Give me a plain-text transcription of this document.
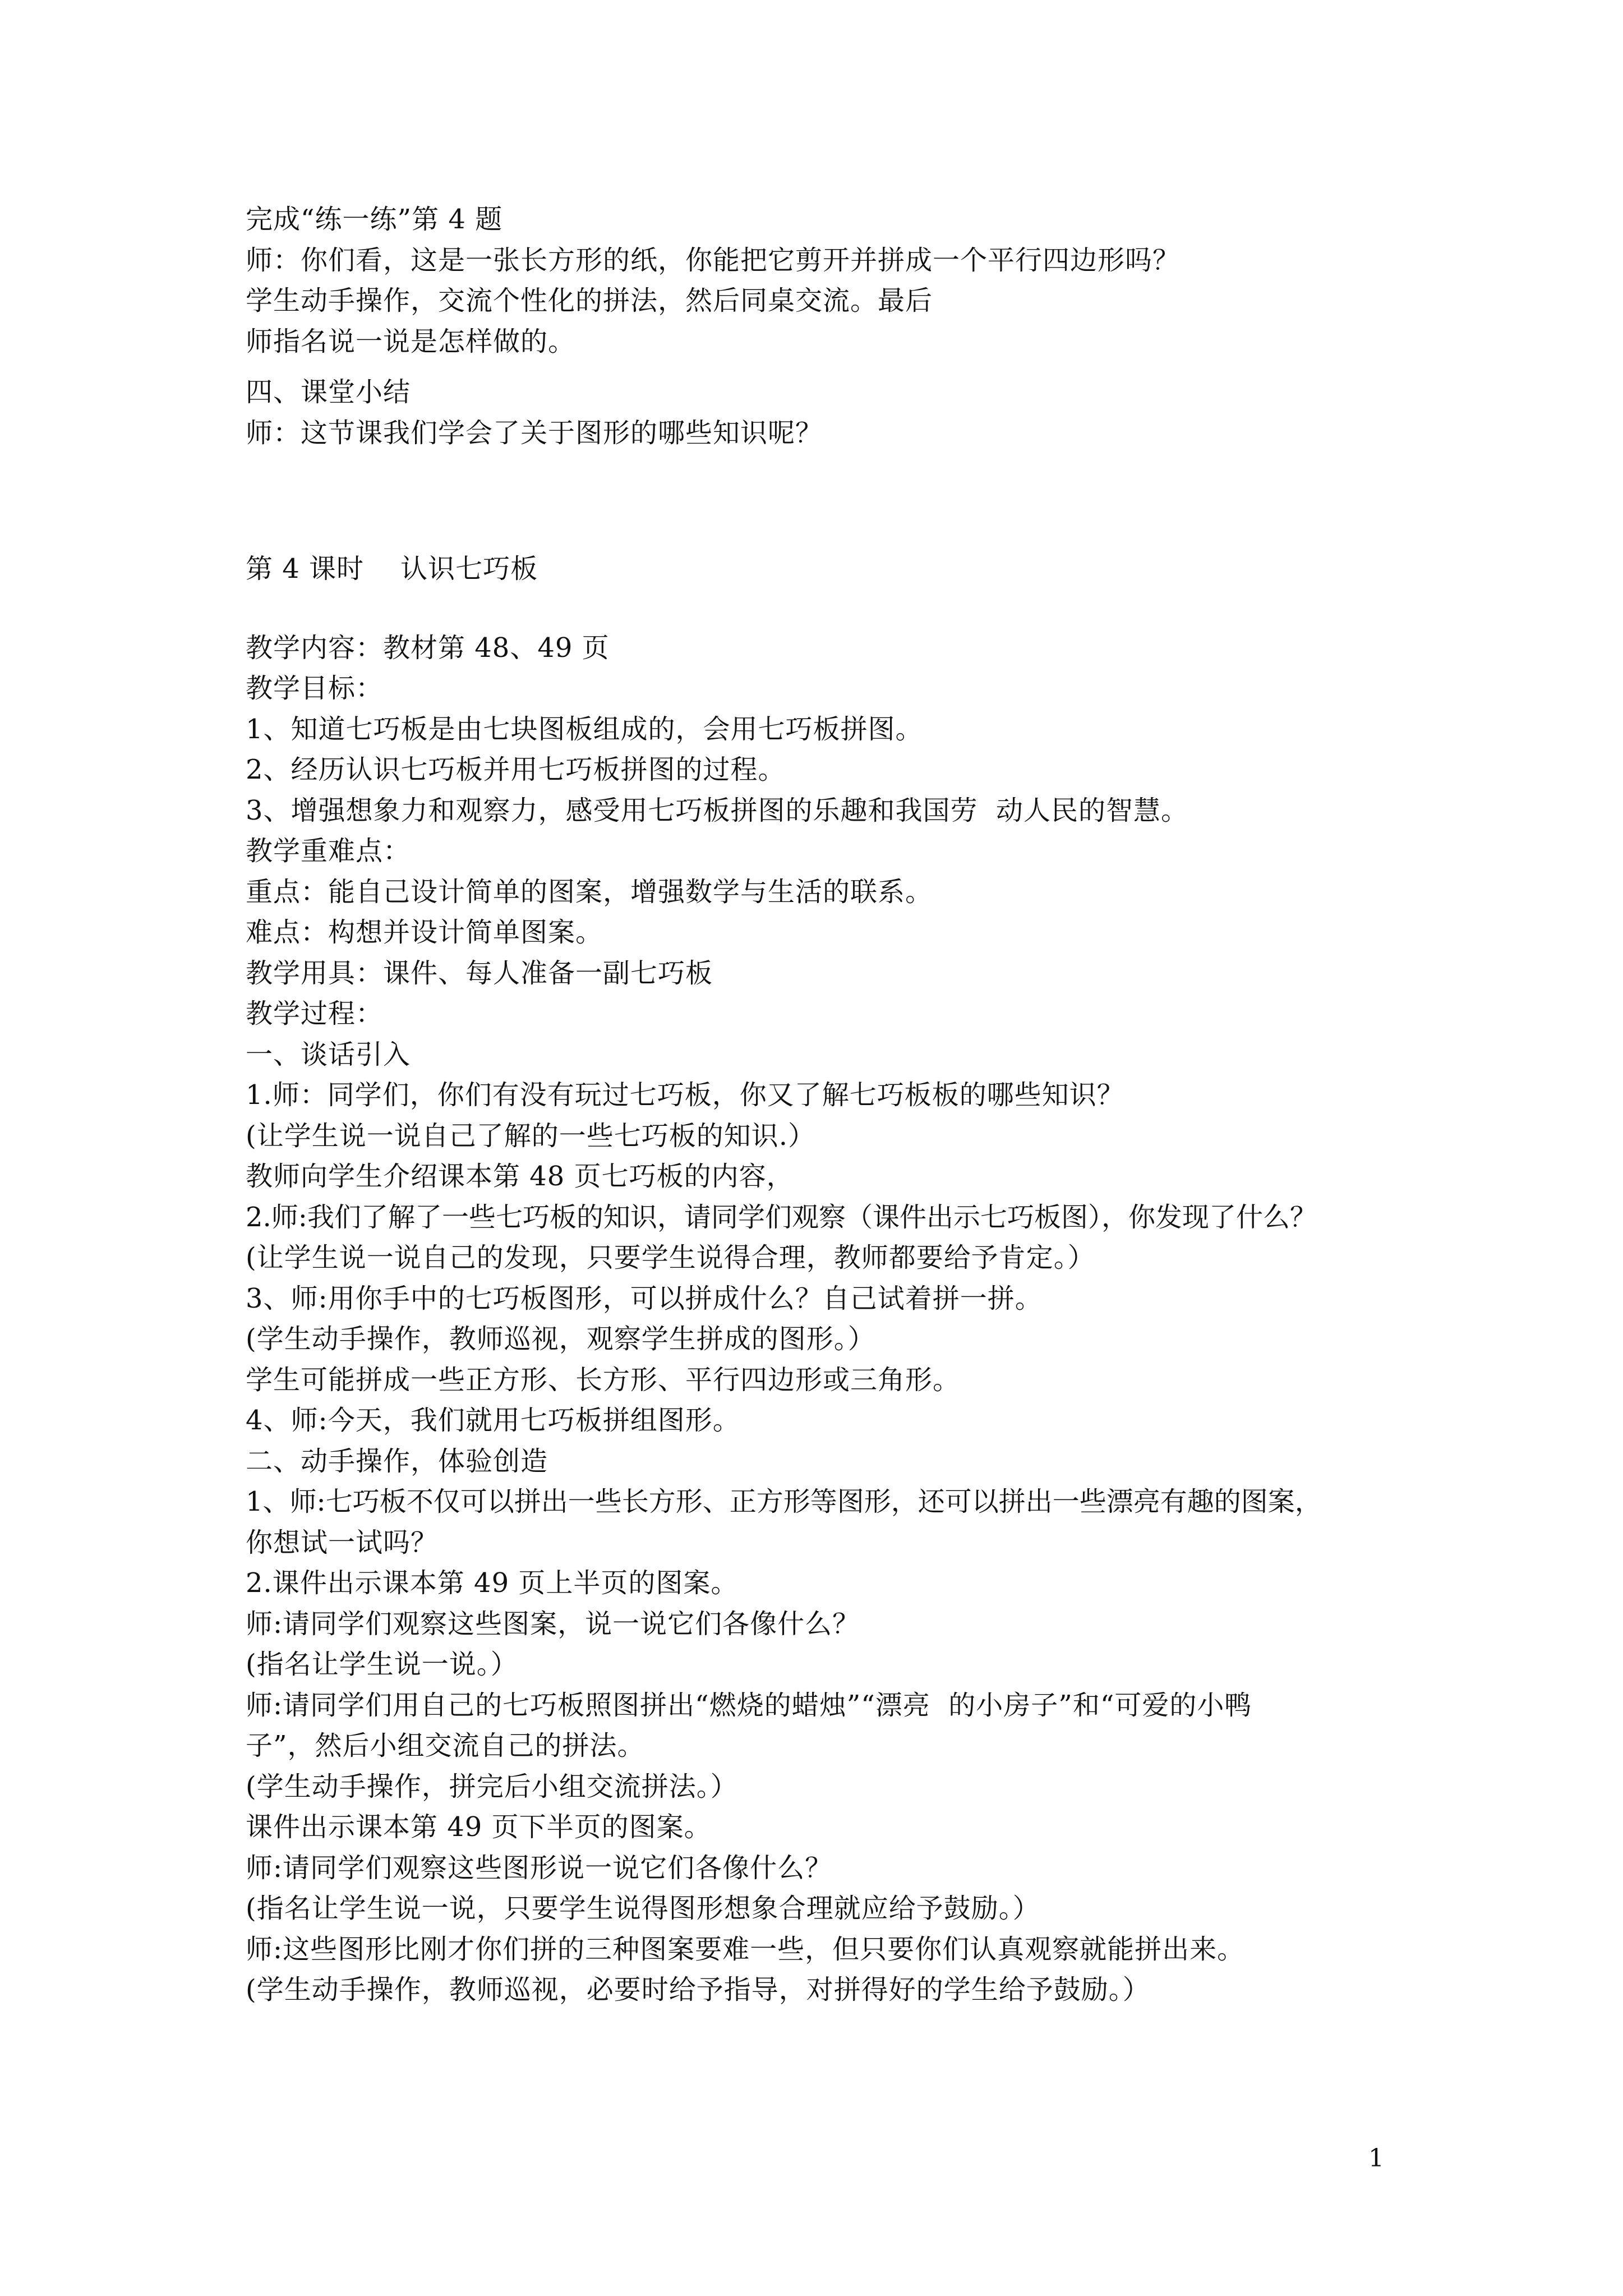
完成“练一练”第 4 题
师：你们看，这是一张长方形的纸，你能把它剪开并拼成一个平行四边形吗？
学生动手操作，交流个性化的拼法，然后同桌交流。最后
师指名说一说是怎样做的。
四、课堂小结
师：这节课我们学会了关于图形的哪些知识呢？
第 4 课时    认识七巧板
教学内容：教材第 48、49 页
教学目标：
1、知道七巧板是由七块图板组成的，会用七巧板拼图。
2、经历认识七巧板并用七巧板拼图的过程。
3、增强想象力和观察力，感受用七巧板拼图的乐趣和我国劳  动人民的智慧。
教学重难点：
重点：能自己设计简单的图案，增强数学与生活的联系。
难点：构想并设计简单图案。
教学用具：课件、每人准备一副七巧板
教学过程：
一、谈话引入
1.师：同学们，你们有没有玩过七巧板，你又了解七巧板板的哪些知识？
(让学生说一说自己了解的一些七巧板的知识.）
教师向学生介绍课本第 48 页七巧板的内容，
2.师:我们了解了一些七巧板的知识，请同学们观察（课件出示七巧板图），你发现了什么？
(让学生说一说自己的发现，只要学生说得合理，教师都要给予肯定。）
3、师:用你手中的七巧板图形，可以拼成什么？自己试着拼一拼。
(学生动手操作，教师巡视，观察学生拼成的图形。）
学生可能拼成一些正方形、长方形、平行四边形或三角形。
4、师:今天，我们就用七巧板拼组图形。
二、动手操作，体验创造
1、师:七巧板不仅可以拼出一些长方形、正方形等图形，还可以拼出一些漂亮有趣的图案，
你想试一试吗？
2.课件出示课本第 49 页上半页的图案。
师:请同学们观察这些图案，说一说它们各像什么？
(指名让学生说一说。）
师:请同学们用自己的七巧板照图拼出“燃烧的蜡烛”“漂亮  的小房子”和“可爱的小鸭
子”，然后小组交流自己的拼法。
(学生动手操作，拼完后小组交流拼法。）
课件出示课本第 49 页下半页的图案。
师:请同学们观察这些图形说一说它们各像什么？
(指名让学生说一说，只要学生说得图形想象合理就应给予鼓励。）
师:这些图形比刚才你们拼的三种图案要难一些，但只要你们认真观察就能拼出来。
(学生动手操作，教师巡视，必要时给予指导，对拼得好的学生给予鼓励。）
1
